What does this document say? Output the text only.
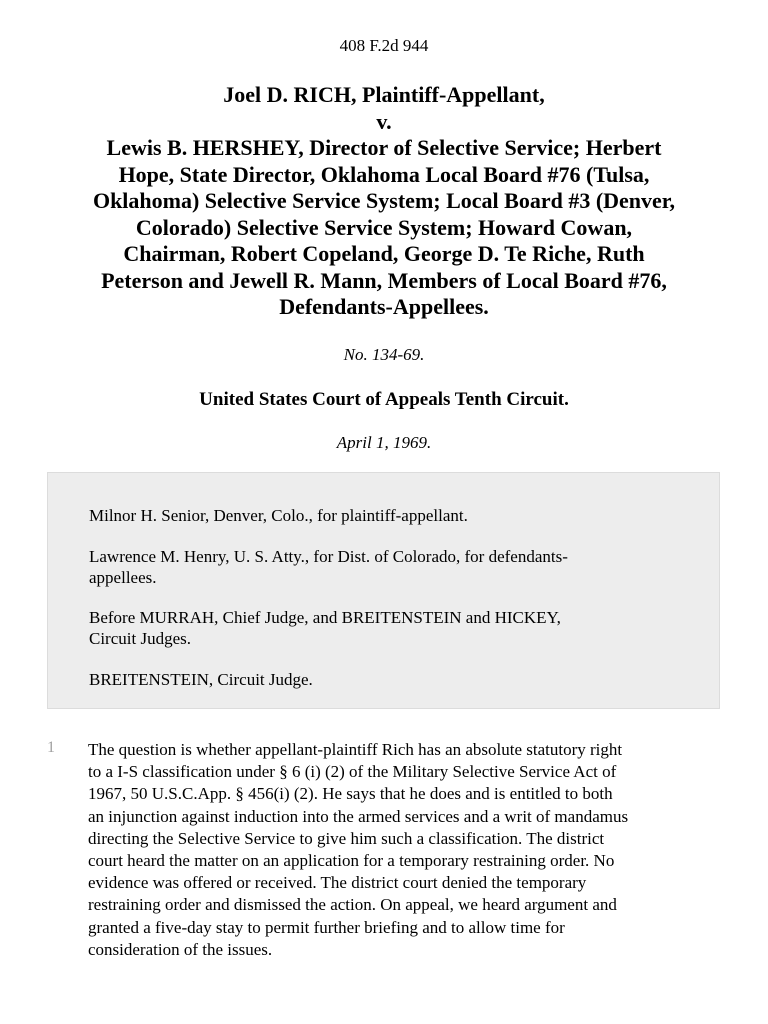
408 F.2d 944
Joel D. RICH, Plaintiff-Appellant,
v.
Lewis B. HERSHEY, Director of Selective Service; Herbert
Hope, State Director, Oklahoma Local Board #76 (Tulsa,
Oklahoma) Selective Service System; Local Board #3 (Denver,
Colorado) Selective Service System; Howard Cowan,
Chairman, Robert Copeland, George D. Te Riche, Ruth
Peterson and Jewell R. Mann, Members of Local Board #76,
Defendants-Appellees.
No. 134-69.
United States Court of Appeals Tenth Circuit.
April 1, 1969.

Milnor H. Senior, Denver, Colo., for plaintiff-appellant.

Lawrence M. Henry, U. S. Atty., for Dist. of Colorado, for defendants-
appellees.

Before MURRAH, Chief Judge, and BREITENSTEIN and HICKEY,
Circuit Judges.

BREITENSTEIN, Circuit Judge.

1 The question is whether appellant-plaintiff Rich has an absolute statutory right
to a I-S classification under § 6 (i) (2) of the Military Selective Service Act of
1967, 50 U.S.C.App. § 456(i) (2). He says that he does and is entitled to both
an injunction against induction into the armed services and a writ of mandamus
directing the Selective Service to give him such a classification. The district
court heard the matter on an application for a temporary restraining order. No
evidence was offered or received. The district court denied the temporary
restraining order and dismissed the action. On appeal, we heard argument and
granted a five-day stay to permit further briefing and to allow time for
consideration of the issues.
